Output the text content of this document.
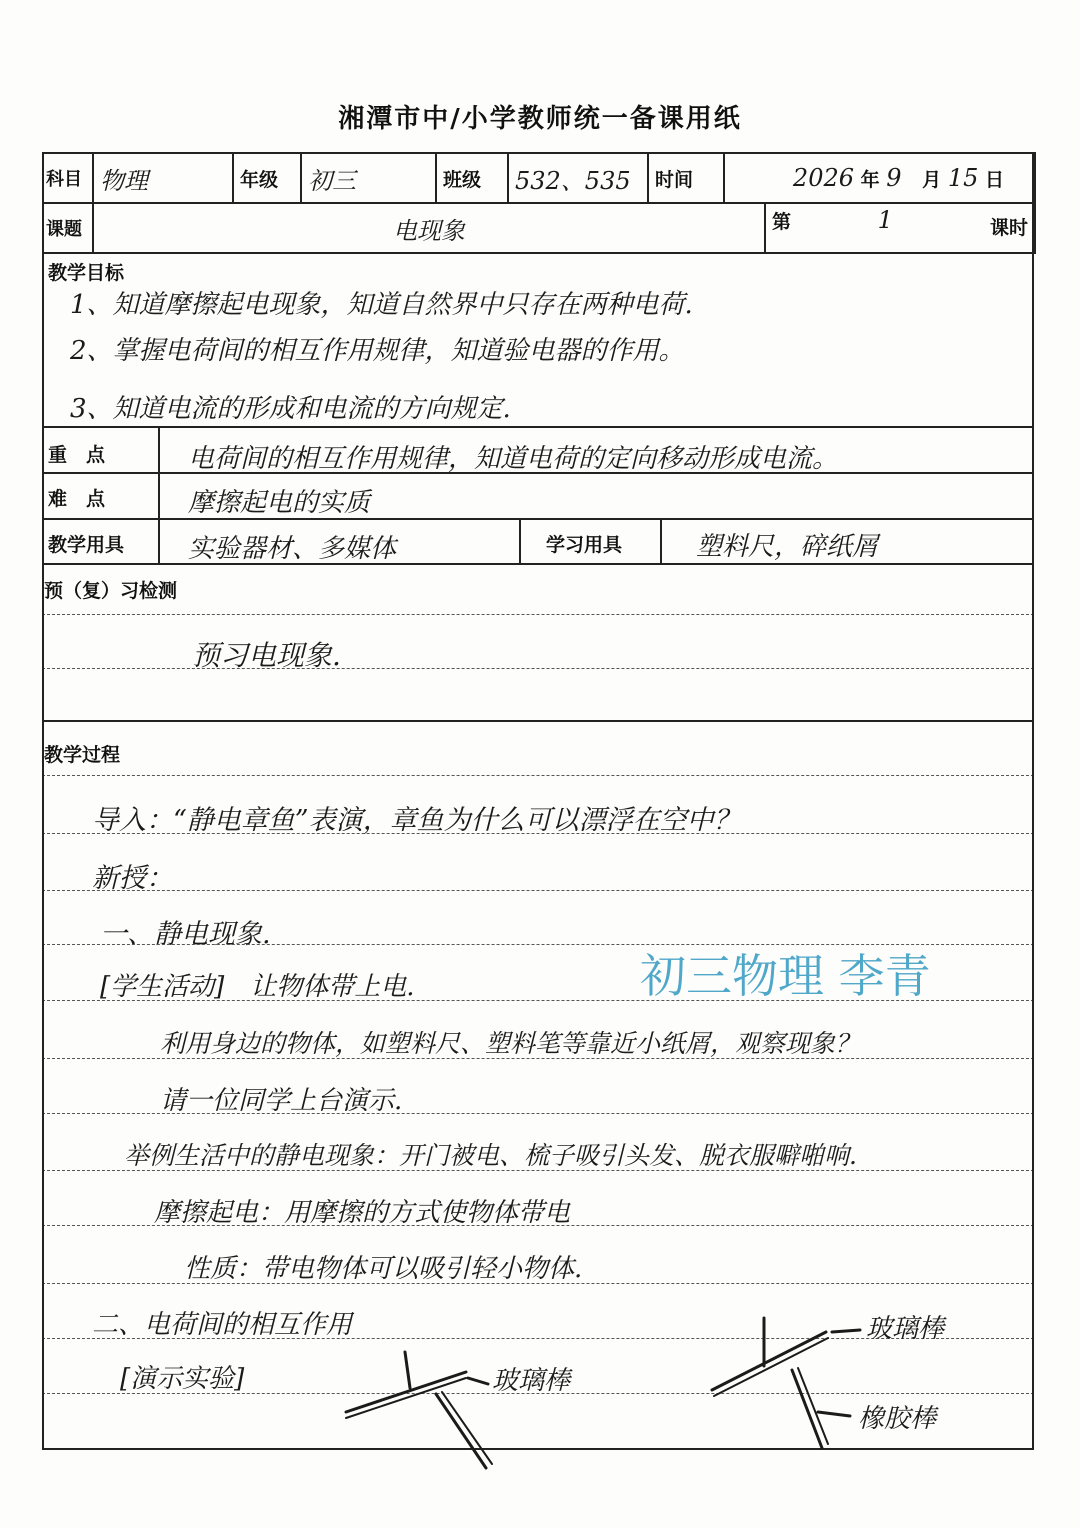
湘潭市中/小学教师统一备课用纸
科目	物理	年级	初三	班级	532、535	时间	2026 年 9 月 15 日
课题	电现象	第	1	课时
教学目标
1、知道摩擦起电现象，知道自然界中只存在两种电荷.
2、掌握电荷间的相互作用规律，知道验电器的作用。
3、知道电流的形成和电流的方向规定.
重　点	电荷间的相互作用规律，知道电荷的定向移动形成电流。
难　点	摩擦起电的实质
教学用具 实验器材、多媒体	学习用具	塑料尺，碎纸屑
预（复）习检测
预习电现象.
教学过程
导入：“静电章鱼”表演，章鱼为什么可以漂浮在空中？
新授：
一、静电现象.
[学生活动]　让物体带上电.
利用身边的物体，如塑料尺、塑料笔等靠近小纸屑，观察现象？
请一位同学上台演示.
举例生活中的静电现象：开门被电、梳子吸引头发、脱衣服噼啪响.
摩擦起电：用摩擦的方式使物体带电
性质：带电物体可以吸引轻小物体.
二、电荷间的相互作用
[演示实验]	玻璃棒
玻璃棒
橡胶棒
初三物理 李青
